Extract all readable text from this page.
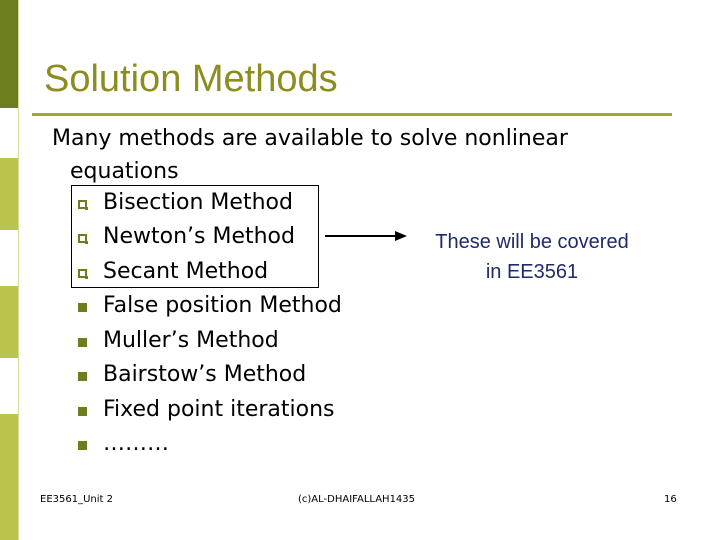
Solution Methods

Many methods are available to solve nonlinear
equations

Bisection Method
Newton’s Method
Secant Method
False position Method
Muller’s Method
Bairstow’s Method
Fixed point iterations
………
These will be covered
in EE3561
EE3561_Unit 2	(c)AL-DHAIFALLAH1435	16
